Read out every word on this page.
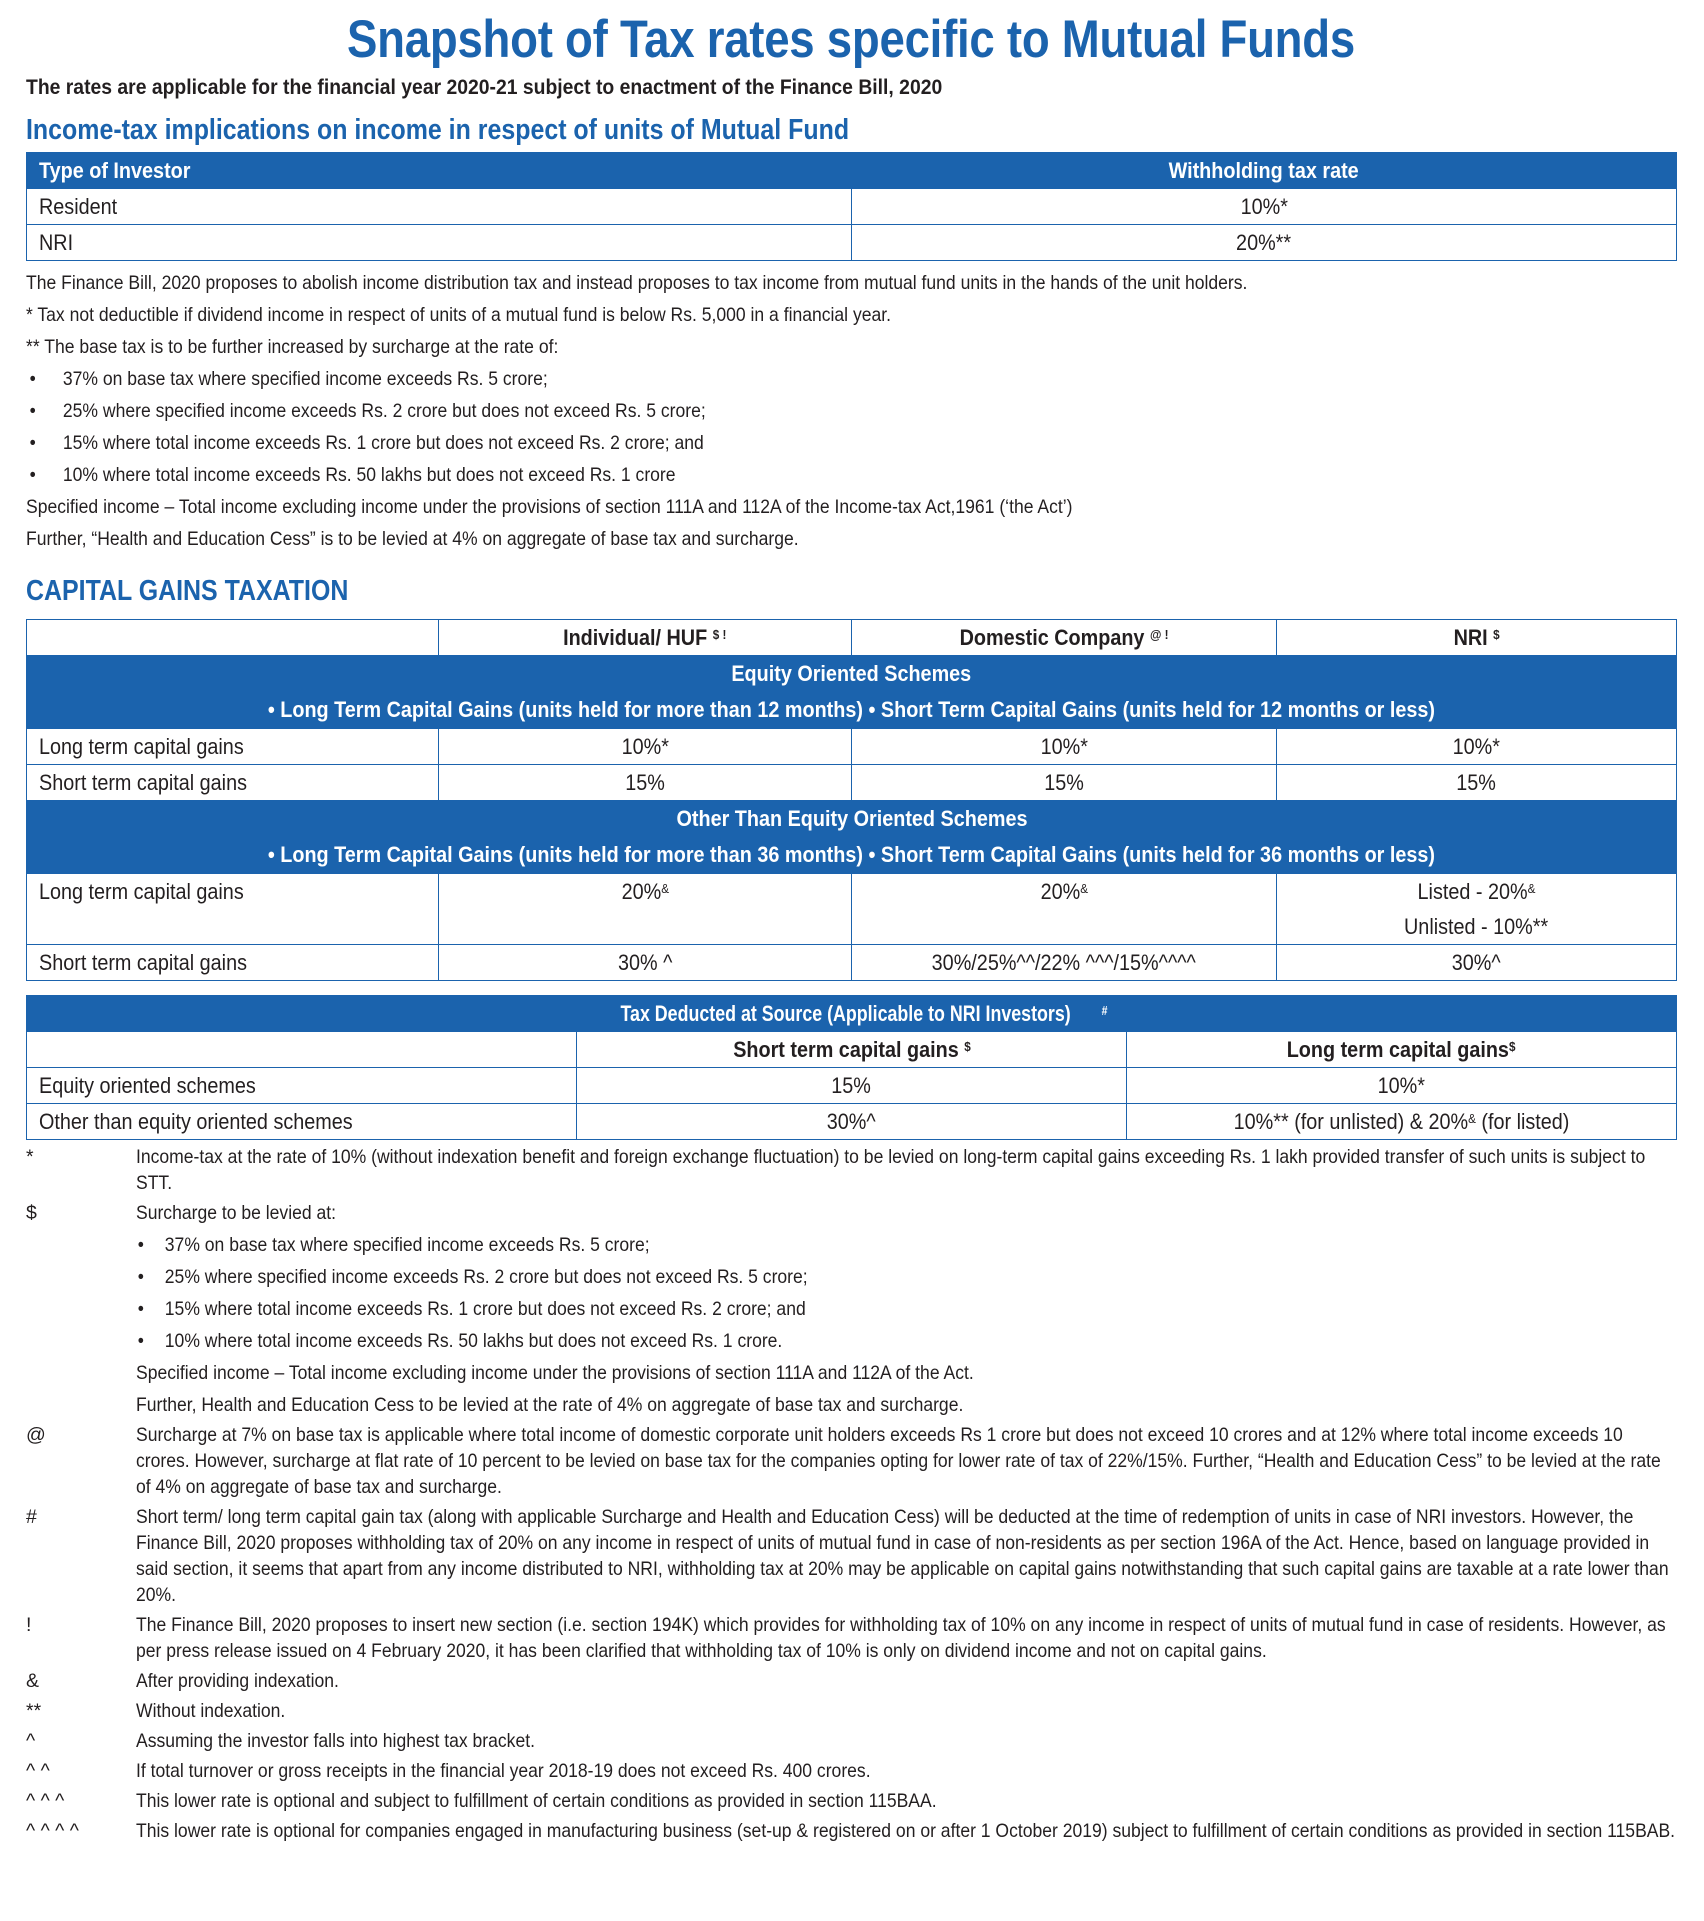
Snapshot of Tax rates specific to Mutual Funds
The rates are applicable for the financial year 2020-21 subject to enactment of the Finance Bill, 2020
Income-tax implications on income in respect of units of Mutual Fund
Type of Investor	Withholding tax rate
Resident	10%*
NRI	20%**

The Finance Bill, 2020 proposes to abolish income distribution tax and instead proposes to tax income from mutual fund units in the hands of the unit holders.

* Tax not deductible if dividend income in respect of units of a mutual fund is below Rs. 5,000 in a financial year.

** The base tax is to be further increased by surcharge at the rate of:

• 37% on base tax where specified income exceeds Rs. 5 crore;

• 25% where specified income exceeds Rs. 2 crore but does not exceed Rs. 5 crore;

• 15% where total income exceeds Rs. 1 crore but does not exceed Rs. 2 crore; and

• 10% where total income exceeds Rs. 50 lakhs but does not exceed Rs. 1 crore

Specified income – Total income excluding income under the provisions of section 111A and 112A of the Income-tax Act,1961 (‘the Act’)

Further, “Health and Education Cess” is to be levied at 4% on aggregate of base tax and surcharge.

CAPITAL GAINS TAXATION
	Individual/ HUF $ !	Domestic Company @ !	NRI $
Equity Oriented Schemes			
• Long Term Capital Gains (units held for more than 12 months) • Short Term Capital Gains (units held for 12 months or less)			
Long term capital gains	10%*	10%*	10%*
Short term capital gains	15%	15%	15%
Other Than Equity Oriented Schemes			
• Long Term Capital Gains (units held for more than 36 months) • Short Term Capital Gains (units held for 36 months or less)			
Long term capital gains	20%&	20%&	Listed - 20%&
Unlisted - 10%**
Short term capital gains	30% ^	30%/25%^^/22% ^^^/15%^^^^	30%^
Tax Deducted at Source (Applicable to NRI Investors) #		
	Short term capital gains $	Long term capital gains$
Equity oriented schemes	15%	10%*
Other than equity oriented schemes	30%^	10%** (for unlisted) & 20%& (for listed)
*	Income-tax at the rate of 10% (without indexation benefit and foreign exchange fluctuation) to be levied on long-term capital gains exceeding Rs. 1 lakh provided transfer of such units is subject to STT.
$	Surcharge to be levied at:
• 37% on base tax where specified income exceeds Rs. 5 crore;
• 25% where specified income exceeds Rs. 2 crore but does not exceed Rs. 5 crore;
• 15% where total income exceeds Rs. 1 crore but does not exceed Rs. 2 crore; and
• 10% where total income exceeds Rs. 50 lakhs but does not exceed Rs. 1 crore.
Specified income – Total income excluding income under the provisions of section 111A and 112A of the Act.
Further, Health and Education Cess to be levied at the rate of 4% on aggregate of base tax and surcharge.
@	Surcharge at 7% on base tax is applicable where total income of domestic corporate unit holders exceeds Rs 1 crore but does not exceed 10 crores and at 12% where total income exceeds 10 crores. However, surcharge at flat rate of 10 percent to be levied on base tax for the companies opting for lower rate of tax of 22%/15%. Further, “Health and Education Cess” to be levied at the rate of 4% on aggregate of base tax and surcharge.
#	Short term/ long term capital gain tax (along with applicable Surcharge and Health and Education Cess) will be deducted at the time of redemption of units in case of NRI investors. However, the Finance Bill, 2020 proposes withholding tax of 20% on any income in respect of units of mutual fund in case of non-residents as per section 196A of the Act. Hence, based on language provided in said section, it seems that apart from any income distributed to NRI, withholding tax at 20% may be applicable on capital gains notwithstanding that such capital gains are taxable at a rate lower than 20%.
!	The Finance Bill, 2020 proposes to insert new section (i.e. section 194K) which provides for withholding tax of 10% on any income in respect of units of mutual fund in case of residents. However, as per press release issued on 4 February 2020, it has been clarified that withholding tax of 10% is only on dividend income and not on capital gains.
&	After providing indexation.
**	Without indexation.
^	Assuming the investor falls into highest tax bracket.
^ ^	If total turnover or gross receipts in the financial year 2018-19 does not exceed Rs. 400 crores.
^ ^ ^	This lower rate is optional and subject to fulfillment of certain conditions as provided in section 115BAA.
^ ^ ^ ^	This lower rate is optional for companies engaged in manufacturing business (set-up & registered on or after 1 October 2019) subject to fulfillment of certain conditions as provided in section 115BAB.
